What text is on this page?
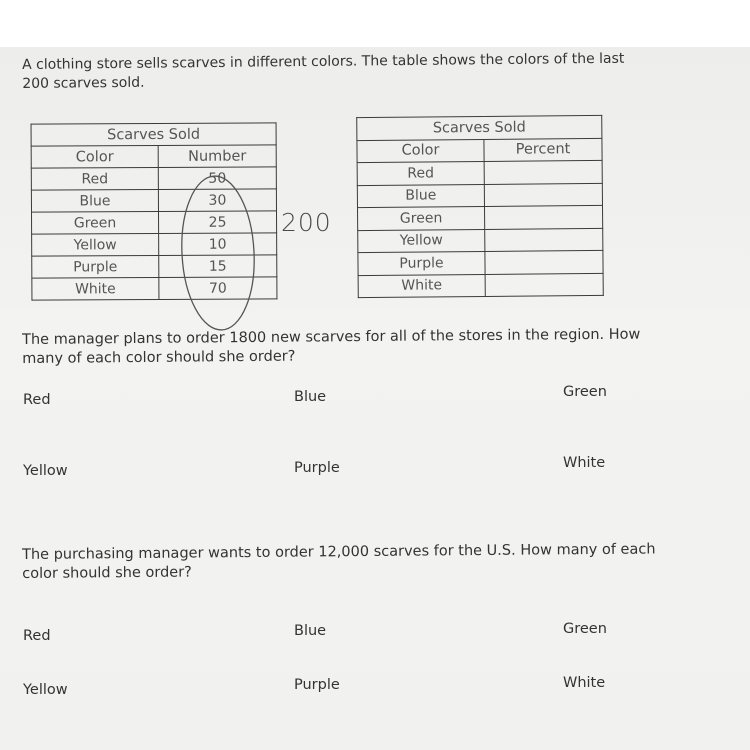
A clothing store sells scarves in different colors. The table shows the colors of the last
200 scarves sold.
Scarves Sold	
Color	Number
Red	50
Blue	30
Green	25
Yellow	10
Purple	15
White	70
200
Scarves Sold	
Color	Percent
Red	
Blue	
Green	
Yellow	
Purple	
White	
The manager plans to order 1800 new scarves for all of the stores in the region. How
many of each color should she order?
Red	Blue	Green
Yellow	Purple	White
The purchasing manager wants to order 12,000 scarves for the U.S. How many of each
color should she order?
Red	Blue	Green
Yellow	Purple	White
